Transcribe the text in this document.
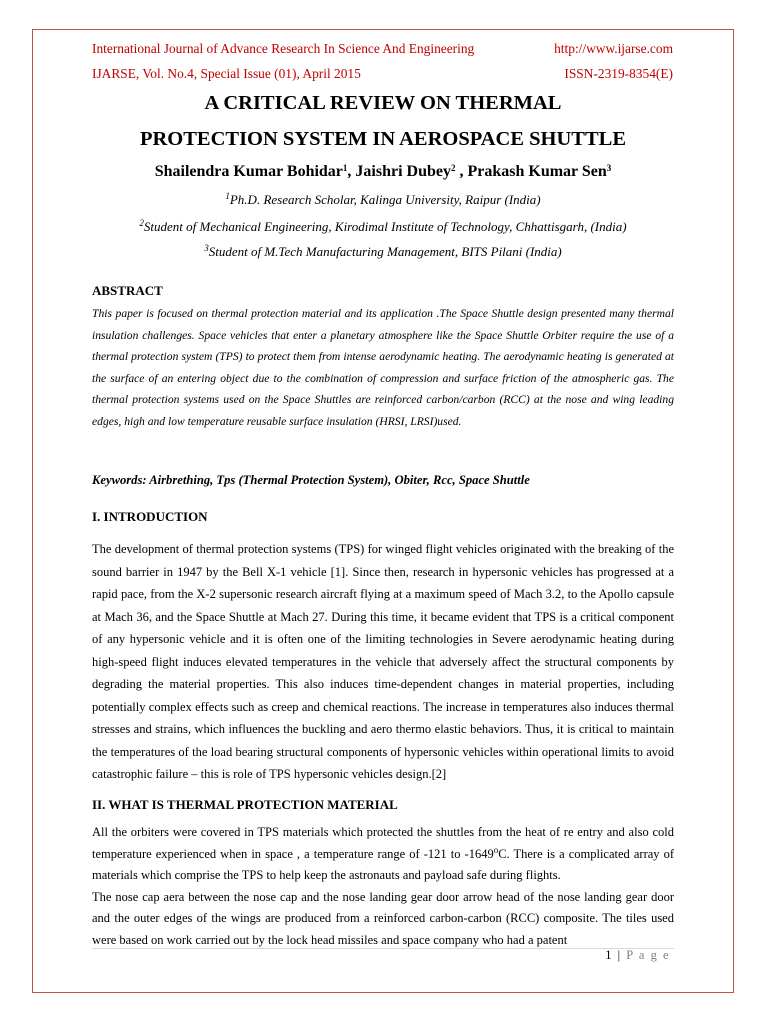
International Journal of Advance Research In Science And Engineering	http://www.ijarse.com
IJARSE, Vol. No.4, Special Issue (01), April 2015	ISSN-2319-8354(E)
A CRITICAL REVIEW ON THERMAL
PROTECTION SYSTEM IN AEROSPACE SHUTTLE
Shailendra Kumar Bohidar$^1$, Jaishri Dubey$^2$ , Prakash Kumar Sen$^3$
$^1$Ph.D. Research Scholar, Kalinga University, Raipur (India)
$^2$Student of Mechanical Engineering, Kirodimal Institute of Technology, Chhattisgarh, (India)
$^3$Student of M.Tech Manufacturing Management, BITS Pilani (India)
ABSTRACT
This paper is focused on thermal protection material and its application .The Space Shuttle design presented many thermal insulation challenges. Space vehicles that enter a planetary atmosphere like the Space Shuttle Orbiter require the use of a thermal protection system (TPS) to protect them from intense aerodynamic heating. The aerodynamic heating is generated at the surface of an entering object due to the combination of compression and surface friction of the atmospheric gas. The thermal protection systems used on the Space Shuttles are reinforced carbon/carbon (RCC) at the nose and wing leading edges, high and low temperature reusable surface insulation (HRSI, LRSI)used.
Keywords: Airbrething, Tps (Thermal Protection System), Obiter, Rcc, Space Shuttle
I. INTRODUCTION
The development of thermal protection systems (TPS) for winged flight vehicles originated with the breaking of the sound barrier in 1947 by the Bell X-1 vehicle [1]. Since then, research in hypersonic vehicles has progressed at a rapid pace, from the X-2 supersonic research aircraft flying at a maximum speed of Mach 3.2, to the Apollo capsule at Mach 36, and the Space Shuttle at Mach 27. During this time, it became evident that TPS is a critical component of any hypersonic vehicle and it is often one of the limiting technologies in Severe aerodynamic heating during high-speed flight induces elevated temperatures in the vehicle that adversely affect the structural components by degrading the material properties. This also induces time-dependent changes in material properties, including potentially complex effects such as creep and chemical reactions. The increase in temperatures also induces thermal stresses and strains, which influences the buckling and aero thermo elastic behaviors. Thus, it is critical to maintain the temperatures of the load bearing structural components of hypersonic vehicles within operational limits to avoid catastrophic failure – this is role of TPS hypersonic vehicles design.[2]
II. WHAT IS THERMAL PROTECTION MATERIAL

All the orbiters were covered in TPS materials which protected the shuttles from the heat of re entry and also cold temperature experienced when in space , a temperature range of -121 to -1649$^o$C. There is a complicated array of materials which comprise the TPS to help keep the astronauts and payload safe during flights.

The nose cap aera between the nose cap and the nose landing gear door arrow head of the nose landing gear door and the outer edges of the wings are produced from a reinforced carbon-carbon (RCC) composite. The tiles used were based on work carried out by the lock head missiles and space company who had a patent

1 | P a g e
